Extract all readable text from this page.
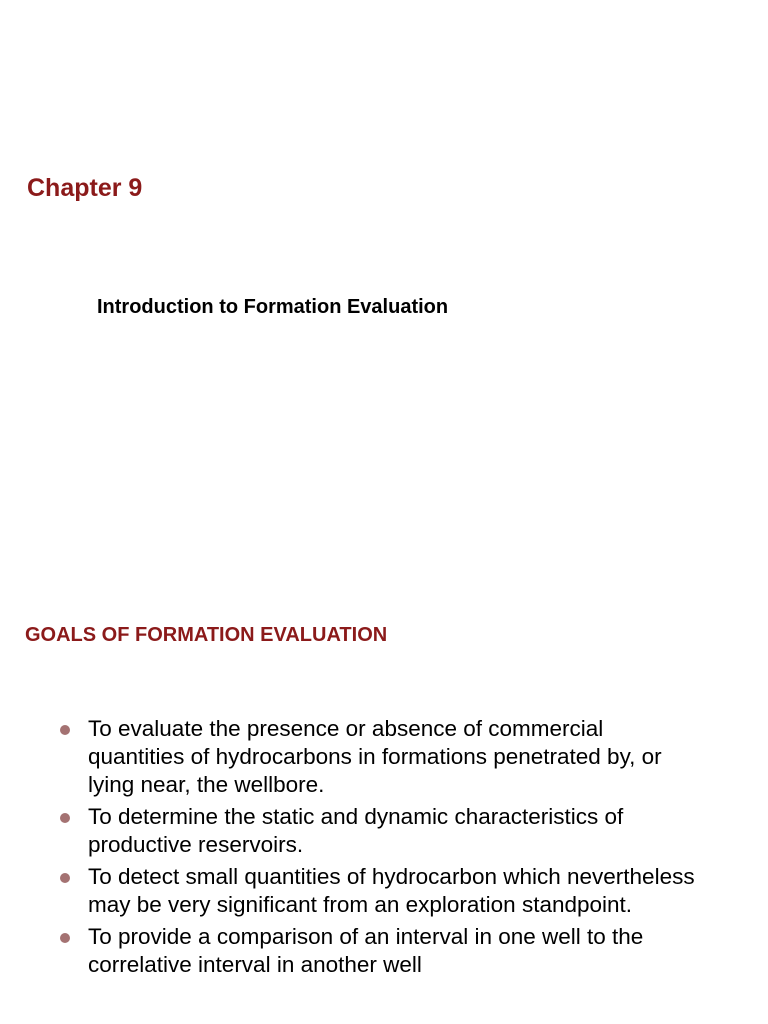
Chapter 9
Introduction to Formation Evaluation
GOALS OF FORMATION EVALUATION
To evaluate the presence or absence of commercial quantities of hydrocarbons in formations penetrated by, or lying near, the wellbore.
To determine the static and dynamic characteristics of productive reservoirs.
To detect small quantities of hydrocarbon which nevertheless may be very significant from an exploration standpoint.
To provide a comparison of an interval in one well to the correlative interval in another well
